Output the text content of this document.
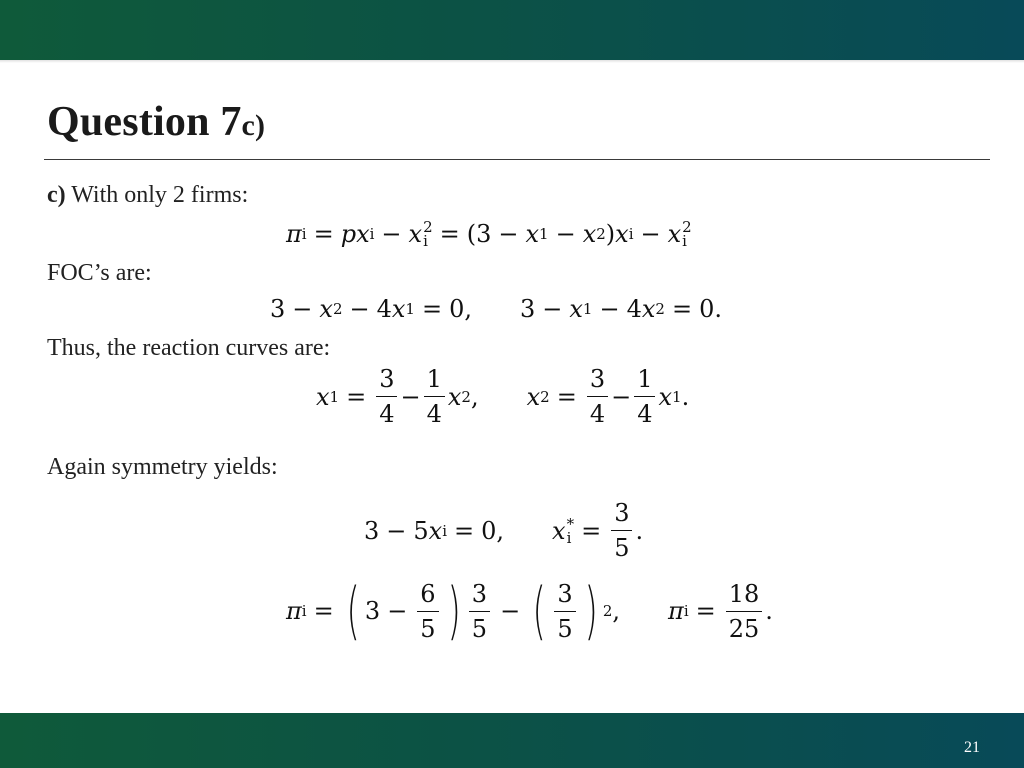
Question 7c)
c) With only 2 firms:
π i = px i − x 2
i = (3 − x 1 − x 2 ) x i − x 2
i
FOC’s are:
3 − x 2 − 4 x 1 = 0, 3 − x 1 − 4 x 2 = 0.
Thus, the reaction curves are:
x $1 = \frac{3}{4} - \frac{1}{4}$ x 2 , x $2 = \frac{3}{4} - \frac{1}{4}$ x 1 .
Again symmetry yields:
3 − 5 x i = 0, x *
$i = \frac{3}{5}$ .
π i = ( $3 - \frac{6}{5}$ ) $\frac{3}{5}$ − ( $\frac{3}{5}$ ) 2 , π $i = \frac{18}{25}$ .
21
